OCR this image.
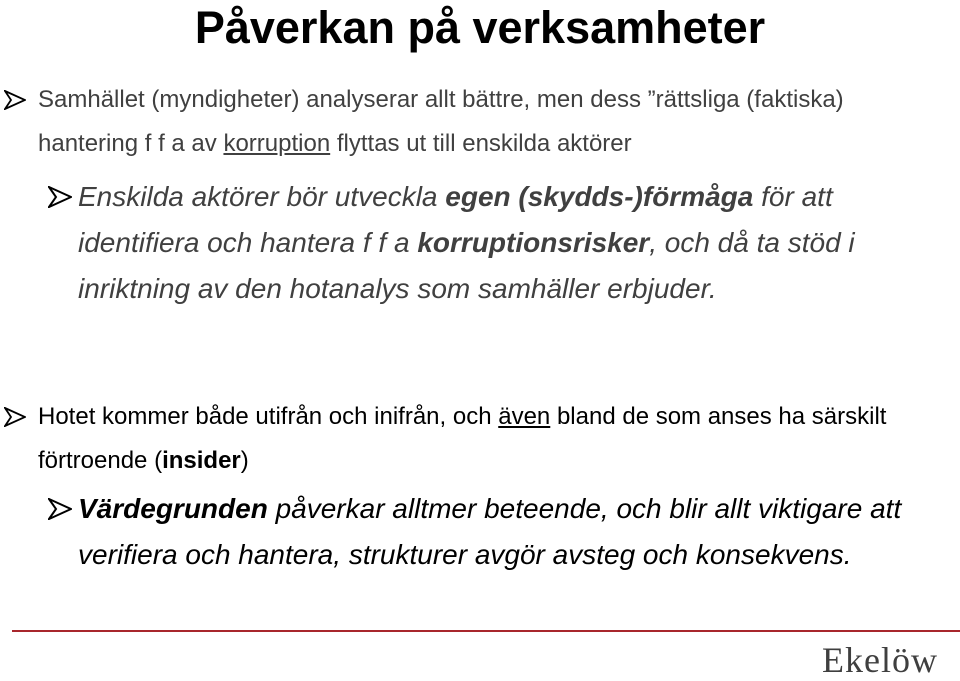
Påverkan på verksamheter
Samhället (myndigheter) analyserar allt bättre, men dess ”rättsliga (faktiska) hantering f f a av korruption flyttas ut till enskilda aktörer
Enskilda aktörer bör utveckla egen (skydds-)förmåga för att identifiera och hantera f f a korruptionsrisker, och då ta stöd i inriktning av den hotanalys som samhäller erbjuder.
Hotet kommer både utifrån och inifrån, och även bland de som anses ha särskilt förtroende (insider)
Värdegrunden påverkar alltmer beteende, och blir allt viktigare att verifiera och hantera, strukturer avgör avsteg och konsekvens.
Ekelöw
